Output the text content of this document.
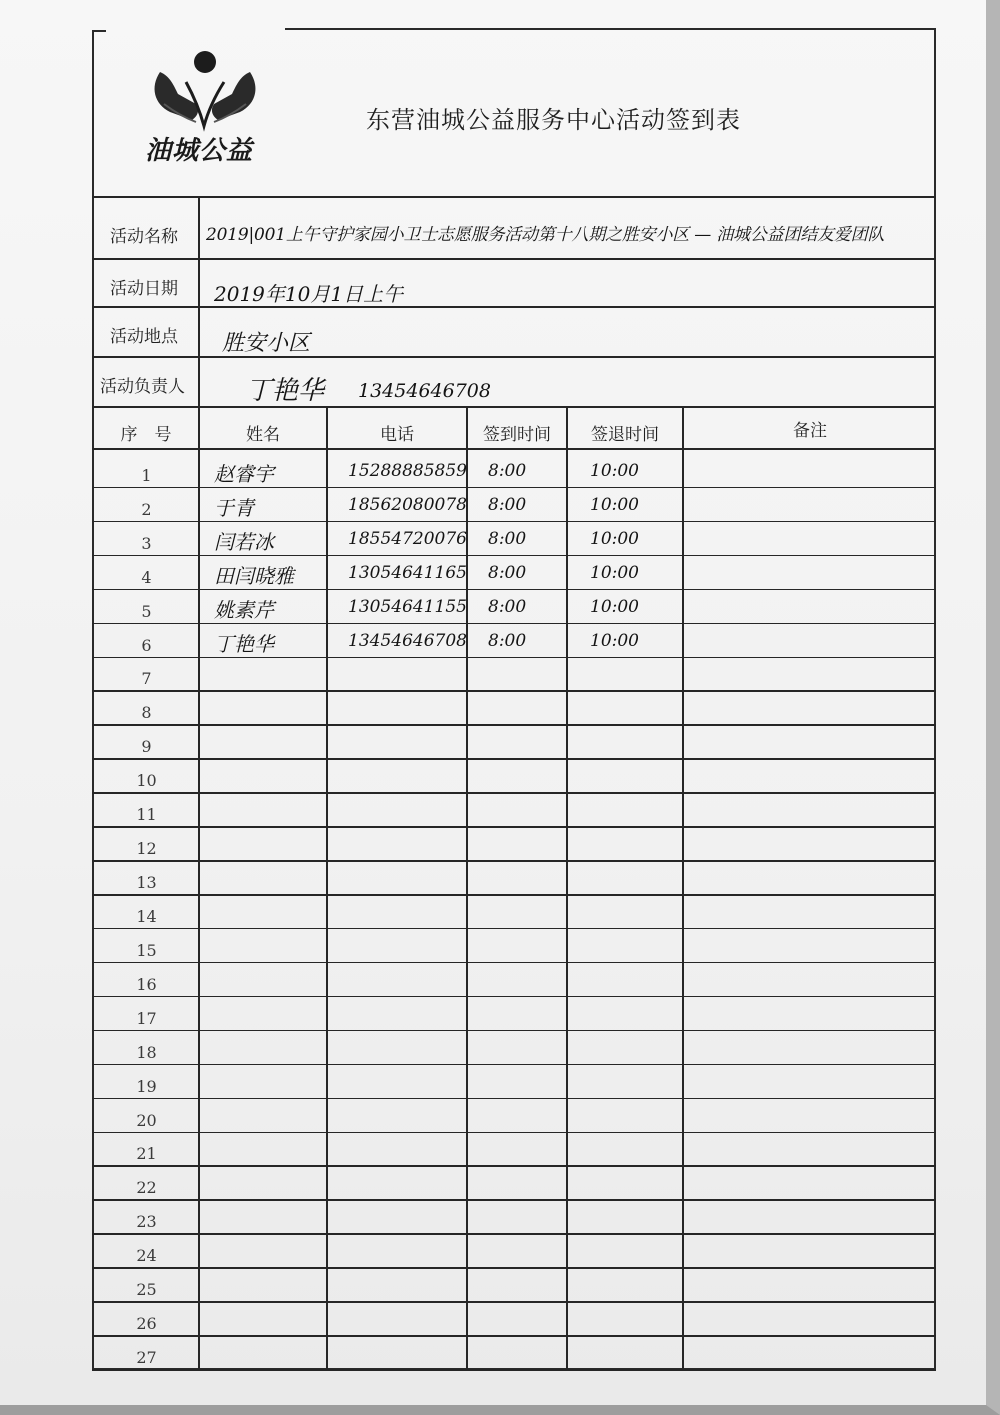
油城公益
东营油城公益服务中心活动签到表
活动名称 2019|001上午守护家园小卫士志愿服务活动第十八期之胜安小区 — 油城公益团结友爱团队
活动日期 2019年10月1日上午
活动地点 胜安小区
活动负责人 丁艳华 13454646708
序　号	姓名	电话	签到时间	签退时间	备注
1	赵睿宇	15288885859 8:00	10:00
2	于青	18562080078 8:00	10:00
3	闫若冰	18554720076 8:00	10:00
4	田闫晓雅	13054641165 8:00	10:00
5	姚素芹	13054641155 8:00	10:00
6	丁艳华	13454646708 8:00	10:00
7
8
9
10
11
12
13
14
15
16
17
18
19
20
21
22
23
24
25
26
27
